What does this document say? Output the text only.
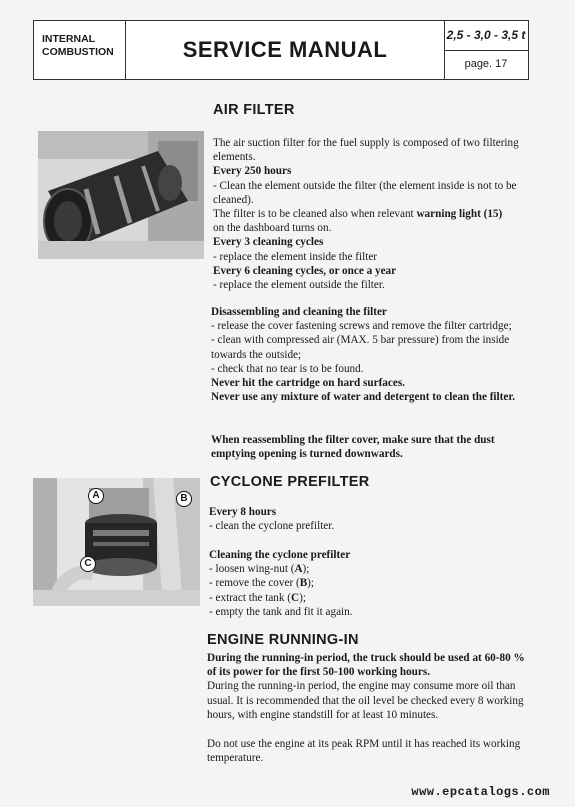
INTERNAL
COMBUSTION	SERVICE MANUAL
2,5 - 3,0 - 3,5 t
page. 17
AIR FILTER

The air suction filter for the fuel supply is composed of two filtering elements.

Every 250 hours

- Clean the element outside the filter (the element inside is not to be cleaned).

The filter is to be cleaned also when relevant warning light (15)
on the dashboard turns on.

Every 3 cleaning cycles

- replace the element inside the filter

Every 6 cleaning cycles, or once a year

- replace the element outside the filter.

Disassembling and cleaning the filter

- release the cover fastening screws and remove the filter cartridge;

- clean with compressed air (MAX. 5 bar pressure) from the inside towards the outside;

- check that no tear is to be found.

Never hit the cartridge on hard surfaces.

Never use any mixture of water and detergent to clean the filter.

When reassembling the filter cover, make sure that the dust emptying opening is turned downwards.

CYCLONE PREFILTER
A	B
C

Every 8 hours

- clean the cyclone prefilter.

Cleaning the cyclone prefilter

- loosen wing-nut (A);

- remove the cover (B);

- extract the tank (C);

- empty the tank and fit it again.

ENGINE RUNNING-IN

During the running-in period, the truck should be used at 60-80 % of its power for the first 50-100 working hours.

During the running-in period, the engine may consume more oil than usual. It is recommended that the oil level be checked every 8 working hours, with engine standstill for at least 10 minutes.

Do not use the engine at its peak RPM until it has reached its working temperature.

www.epcatalogs.com
